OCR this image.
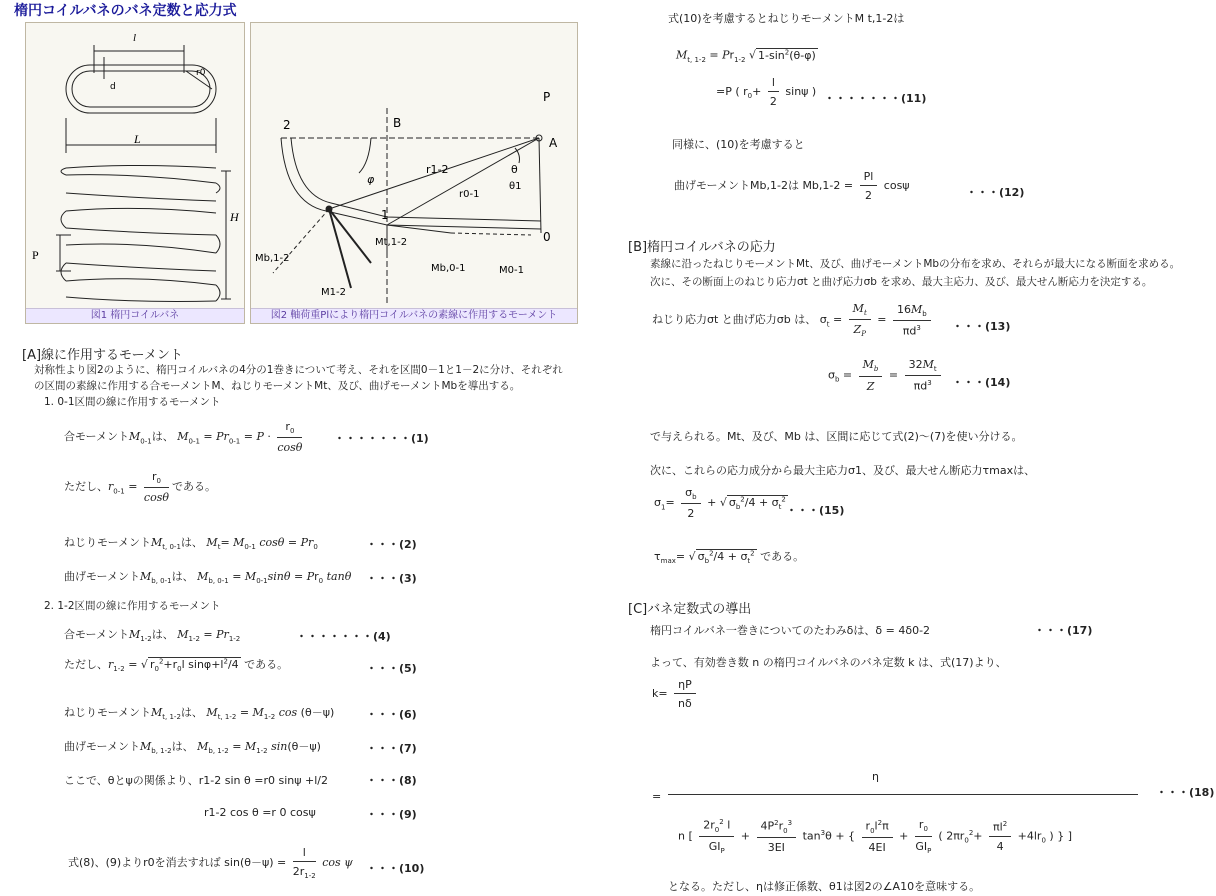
楕円コイルバネのバネ定数と応力式
l
r0
d
L
H
P
図1 楕円コイルバネ
2	B
P
A
1
0
φ
r1-2
r0-1
θ
θ1
Mt,1-2
Mb,1-2
Mb,0-1	M0-1
M1-2
図2 軸荷重Plにより楕円コイルバネの素線に作用するモーメント
[A]線に作用するモーメント
対称性より図2のように、楕円コイルバネの4分の1巻きについて考え、それを区間0－1と1－2に分け、それぞれ
の区間の素線に作用する合モーメントM、ねじりモーメントMt、及び、曲げモーメントMbを導出する。
1. 0-1区間の線に作用するモーメント
合モーメント$M_{0-1}$は、 $M_{0-1} = Pr_{0-1} = P \cdot \frac{r_0}{\cos\theta}$	・・・・・・・(1)
ただし、$r_{0-1} = \frac{r_0}{\cos\theta}$ である。
ねじりモーメント$M_{t, 0-1}$は、 $M_t= M_{0-1}$ $\cos\theta = Pr_0$	・・・(2)
曲げモーメント$M_{b, 0-1}$は、 $M_{b, 0-1} = M_{0-1}\sin\theta = Pr_0$ tanθ ・・・(3)
2. 1-2区間の線に作用するモーメント
合モーメント$M_{1-2}$は、 $M_{1-2} = Pr_{1-2}$	・・・・・・・(4)
ただし、$r_{1-2}$ = √ $r_0^2+r_0l$ $\sin\varphi+l^2/4$ である。	・・・(5)
ねじりモーメント$M_{t, 1-2}$は、 $M_{t, 1-2} = M_{1-2}$ cos (θ－ψ)	・・・(6)
曲げモーメント$M_{b, 1-2}$は、 $M_{b, 1-2} = M_{1-2}$ sin(θ－ψ)	・・・(7)
ここで、θとψの関係より、r1-2 sin θ =r0 sinψ +l/2	・・・(8)
r1-2 cos θ =r 0 cosψ	・・・(9)
式(8)、(9)よりr0を消去すれば $\sin(\theta-\psi) = \frac{l}{2r_{1-2}}$ cos ψ ・・・(10)
式(10)を考慮するとねじりモーメントM t,1-2は
$M_{t, 1-2} = Pr_{1-2}$ √ $1-\sin^2(\theta-\varphi)$
=P ( $r_0+ \frac{l}{2}$ sinψ )
・・・・・・・(11)
同様に、(10)を考慮すると
曲げモーメントMb,1-2は $Mb,1-2 = \frac{Pl}{2}$ cosψ
・・・(12)
[B]楕円コイルバネの応力
素線に沿ったねじりモーメントMt、及び、曲げモーメントMbの分布を求め、それらが最大になる断面を求める。
次に、その断面上のねじり応力σt と曲げ応力σb を求め、最大主応力、及び、最大せん断応力を決定する。
ねじり応力σt と曲げ応力σb は、 $\sigma_t = \frac{M_t}{Z_P} = \frac{16M_b}{\pi d^3}$ ・・・(13)
$\sigma_b = \frac{M_b}{Z} = \frac{32M_t}{\pi d^3}$ ・・・(14)
で与えられる。Mt、及び、Mb は、区間に応じて式(2)～(7)を使い分ける。
次に、これらの応力成分から最大主応力σ1、及び、最大せん断応力τmaxは、
$\sigma_1= \frac{\sigma_b}{2}$ + √ $\sigma_b^2/4 + \sigma_t^2$
・・・(15)
$\tau_{max}=$ √ $\sigma_b^2/4 + \sigma_t^2$ である。
[C]バネ定数式の導出
楕円コイルバネ一巻きについてのたわみδは、δ = 4δ0-2	・・・(17)
よって、有効巻き数 n の楕円コイルバネのバネ定数 k は、式(17)より、
$k= \frac{\eta P}{n\delta}$
η
=	・・・(18)
n [ $\frac{2r_0^2 l}{GI_P} + \frac{4P^2r_0^3}{3EI} \tan^3\theta$ + { $\frac{r_0l^2\pi}{4EI} + \frac{r_0}{GI_P}$ ( $2\pi r_0^2+ \frac{\pi l^2}{4} +4lr_0$ ) } ]
となる。ただし、ηは修正係数、θ1は図2の∠A10を意味する。
